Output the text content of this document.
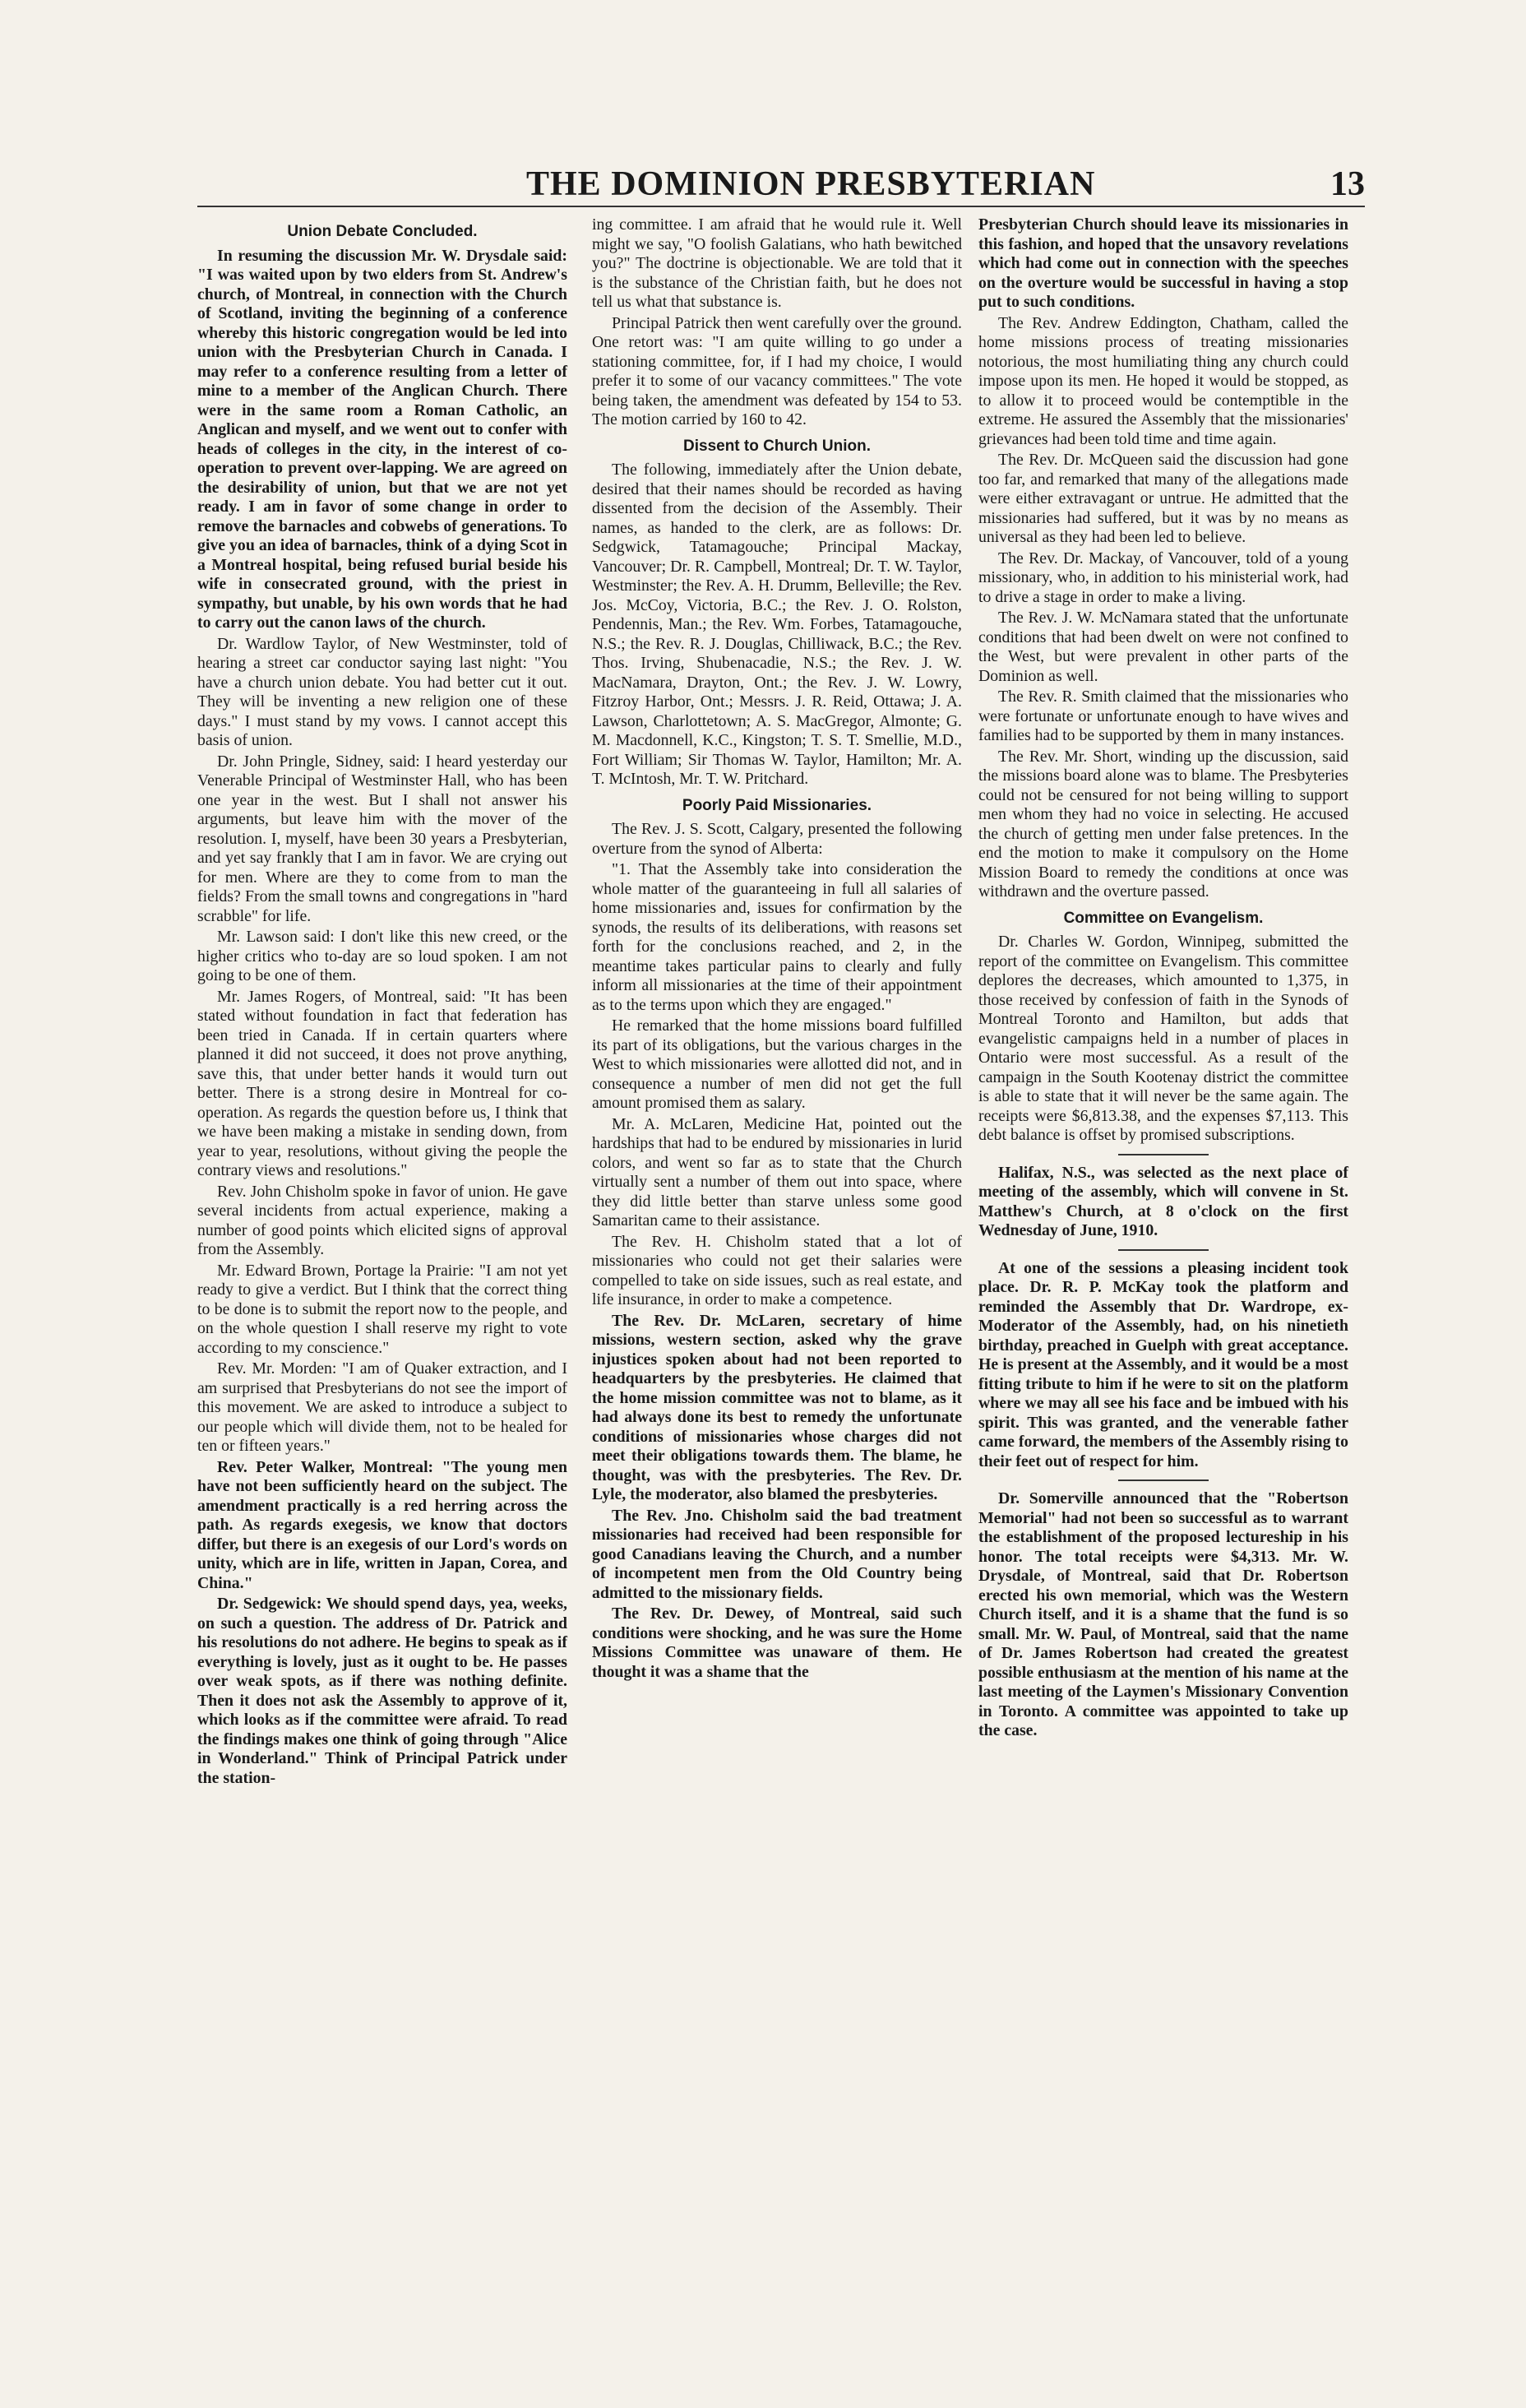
THE DOMINION PRESBYTERIAN	13
Union Debate Concluded.

In resuming the discussion Mr. W. Drysdale said: "I was waited upon by two elders from St. Andrew's church, of Montreal, in connection with the Church of Scotland, inviting the beginning of a conference whereby this historic congregation would be led into union with the Presbyterian Church in Canada. I may refer to a conference resulting from a letter of mine to a member of the Anglican Church. There were in the same room a Roman Catholic, an Anglican and myself, and we went out to confer with heads of colleges in the city, in the interest of co-operation to prevent over-lapping. We are agreed on the desirability of union, but that we are not yet ready. I am in favor of some change in order to remove the barnacles and cobwebs of generations. To give you an idea of barnacles, think of a dying Scot in a Montreal hospital, being refused burial beside his wife in consecrated ground, with the priest in sympathy, but unable, by his own words that he had to carry out the canon laws of the church.

Dr. Wardlow Taylor, of New Westminster, told of hearing a street car conductor saying last night: "You have a church union debate. You had better cut it out. They will be inventing a new religion one of these days." I must stand by my vows. I cannot accept this basis of union.

Dr. John Pringle, Sidney, said: I heard yesterday our Venerable Principal of Westminster Hall, who has been one year in the west. But I shall not answer his arguments, but leave him with the mover of the resolution. I, myself, have been 30 years a Presbyterian, and yet say frankly that I am in favor. We are crying out for men. Where are they to come from to man the fields? From the small towns and congregations in "hard scrabble" for life.

Mr. Lawson said: I don't like this new creed, or the higher critics who to-day are so loud spoken. I am not going to be one of them.

Mr. James Rogers, of Montreal, said: "It has been stated without foundation in fact that federation has been tried in Canada. If in certain quarters where planned it did not succeed, it does not prove anything, save this, that under better hands it would turn out better. There is a strong desire in Montreal for co-operation. As regards the question before us, I think that we have been making a mistake in sending down, from year to year, resolutions, without giving the people the contrary views and resolutions."

Rev. John Chisholm spoke in favor of union. He gave several incidents from actual experience, making a number of good points which elicited signs of approval from the Assembly.

Mr. Edward Brown, Portage la Prairie: "I am not yet ready to give a verdict. But I think that the correct thing to be done is to submit the report now to the people, and on the whole question I shall reserve my right to vote according to my conscience."

Rev. Mr. Morden: "I am of Quaker extraction, and I am surprised that Presbyterians do not see the import of this movement. We are asked to introduce a subject to our people which will divide them, not to be healed for ten or fifteen years."

Rev. Peter Walker, Montreal: "The young men have not been sufficiently heard on the subject. The amendment practically is a red herring across the path. As regards exegesis, we know that doctors differ, but there is an exegesis of our Lord's words on unity, which are in life, written in Japan, Corea, and China."

Dr. Sedgewick: We should spend days, yea, weeks, on such a question. The address of Dr. Patrick and his resolutions do not adhere. He begins to speak as if everything is lovely, just as it ought to be. He passes over weak spots, as if there was nothing definite. Then it does not ask the Assembly to approve of it, which looks as if the committee were afraid. To read the findings makes one think of going through "Alice in Wonderland." Think of Principal Patrick under the station-

ing committee. I am afraid that he would rule it. Well might we say, "O foolish Galatians, who hath bewitched you?" The doctrine is objectionable. We are told that it is the substance of the Christian faith, but he does not tell us what that substance is.

Principal Patrick then went carefully over the ground. One retort was: "I am quite willing to go under a stationing committee, for, if I had my choice, I would prefer it to some of our vacancy committees." The vote being taken, the amendment was defeated by 154 to 53. The motion carried by 160 to 42.

Dissent to Church Union.

The following, immediately after the Union debate, desired that their names should be recorded as having dissented from the decision of the Assembly. Their names, as handed to the clerk, are as follows: Dr. Sedgwick, Tatamagouche; Principal Mackay, Vancouver; Dr. R. Campbell, Montreal; Dr. T. W. Taylor, Westminster; the Rev. A. H. Drumm, Belleville; the Rev. Jos. McCoy, Victoria, B.C.; the Rev. J. O. Rolston, Pendennis, Man.; the Rev. Wm. Forbes, Tatamagouche, N.S.; the Rev. R. J. Douglas, Chilliwack, B.C.; the Rev. Thos. Irving, Shubenacadie, N.S.; the Rev. J. W. MacNamara, Drayton, Ont.; the Rev. J. W. Lowry, Fitzroy Harbor, Ont.; Messrs. J. R. Reid, Ottawa; J. A. Lawson, Charlottetown; A. S. MacGregor, Almonte; G. M. Macdonnell, K.C., Kingston; T. S. T. Smellie, M.D., Fort William; Sir Thomas W. Taylor, Hamilton; Mr. A. T. McIntosh, Mr. T. W. Pritchard.

Poorly Paid Missionaries.

The Rev. J. S. Scott, Calgary, presented the following overture from the synod of Alberta:

"1. That the Assembly take into consideration the whole matter of the guaranteeing in full all salaries of home missionaries and, issues for confirmation by the synods, the results of its deliberations, with reasons set forth for the conclusions reached, and 2, in the meantime takes particular pains to clearly and fully inform all missionaries at the time of their appointment as to the terms upon which they are engaged."

He remarked that the home missions board fulfilled its part of its obligations, but the various charges in the West to which missionaries were allotted did not, and in consequence a number of men did not get the full amount promised them as salary.

Mr. A. McLaren, Medicine Hat, pointed out the hardships that had to be endured by missionaries in lurid colors, and went so far as to state that the Church virtually sent a number of them out into space, where they did little better than starve unless some good Samaritan came to their assistance.

The Rev. H. Chisholm stated that a lot of missionaries who could not get their salaries were compelled to take on side issues, such as real estate, and life insurance, in order to make a competence.

The Rev. Dr. McLaren, secretary of hime missions, western section, asked why the grave injustices spoken about had not been reported to headquarters by the presbyteries. He claimed that the home mission committee was not to blame, as it had always done its best to remedy the unfortunate conditions of missionaries whose charges did not meet their obligations towards them. The blame, he thought, was with the presbyteries. The Rev. Dr. Lyle, the moderator, also blamed the presbyteries.

The Rev. Jno. Chisholm said the bad treatment missionaries had received had been responsible for good Canadians leaving the Church, and a number of incompetent men from the Old Country being admitted to the missionary fields.

The Rev. Dr. Dewey, of Montreal, said such conditions were shocking, and he was sure the Home Missions Committee was unaware of them. He thought it was a shame that the

Presbyterian Church should leave its missionaries in this fashion, and hoped that the unsavory revelations which had come out in connection with the speeches on the overture would be successful in having a stop put to such conditions.

The Rev. Andrew Eddington, Chatham, called the home missions process of treating missionaries notorious, the most humiliating thing any church could impose upon its men. He hoped it would be stopped, as to allow it to proceed would be contemptible in the extreme. He assured the Assembly that the missionaries' grievances had been told time and time again.

The Rev. Dr. McQueen said the discussion had gone too far, and remarked that many of the allegations made were either extravagant or untrue. He admitted that the missionaries had suffered, but it was by no means as universal as they had been led to believe.

The Rev. Dr. Mackay, of Vancouver, told of a young missionary, who, in addition to his ministerial work, had to drive a stage in order to make a living.

The Rev. J. W. McNamara stated that the unfortunate conditions that had been dwelt on were not confined to the West, but were prevalent in other parts of the Dominion as well.

The Rev. R. Smith claimed that the missionaries who were fortunate or unfortunate enough to have wives and families had to be supported by them in many instances.

The Rev. Mr. Short, winding up the discussion, said the missions board alone was to blame. The Presbyteries could not be censured for not being willing to support men whom they had no voice in selecting. He accused the church of getting men under false pretences. In the end the motion to make it compulsory on the Home Mission Board to remedy the conditions at once was withdrawn and the overture passed.

Committee on Evangelism.

Dr. Charles W. Gordon, Winnipeg, submitted the report of the committee on Evangelism. This committee deplores the decreases, which amounted to 1,375, in those received by confession of faith in the Synods of Montreal Toronto and Hamilton, but adds that evangelistic campaigns held in a number of places in Ontario were most successful. As a result of the campaign in the South Kootenay district the committee is able to state that it will never be the same again. The receipts were $6,813.38, and the expenses $7,113. This debt balance is offset by promised subscriptions.

Halifax, N.S., was selected as the next place of meeting of the assembly, which will convene in St. Matthew's Church, at 8 o'clock on the first Wednesday of June, 1910.

At one of the sessions a pleasing incident took place. Dr. R. P. McKay took the platform and reminded the Assembly that Dr. Wardrope, ex-Moderator of the Assembly, had, on his ninetieth birthday, preached in Guelph with great acceptance. He is present at the Assembly, and it would be a most fitting tribute to him if he were to sit on the platform where we may all see his face and be imbued with his spirit. This was granted, and the venerable father came forward, the members of the Assembly rising to their feet out of respect for him.

Dr. Somerville announced that the "Robertson Memorial" had not been so successful as to warrant the establishment of the proposed lectureship in his honor. The total receipts were $4,313. Mr. W. Drysdale, of Montreal, said that Dr. Robertson erected his own memorial, which was the Western Church itself, and it is a shame that the fund is so small. Mr. W. Paul, of Montreal, said that the name of Dr. James Robertson had created the greatest possible enthusiasm at the mention of his name at the last meeting of the Laymen's Missionary Convention in Toronto. A committee was appointed to take up the case.
